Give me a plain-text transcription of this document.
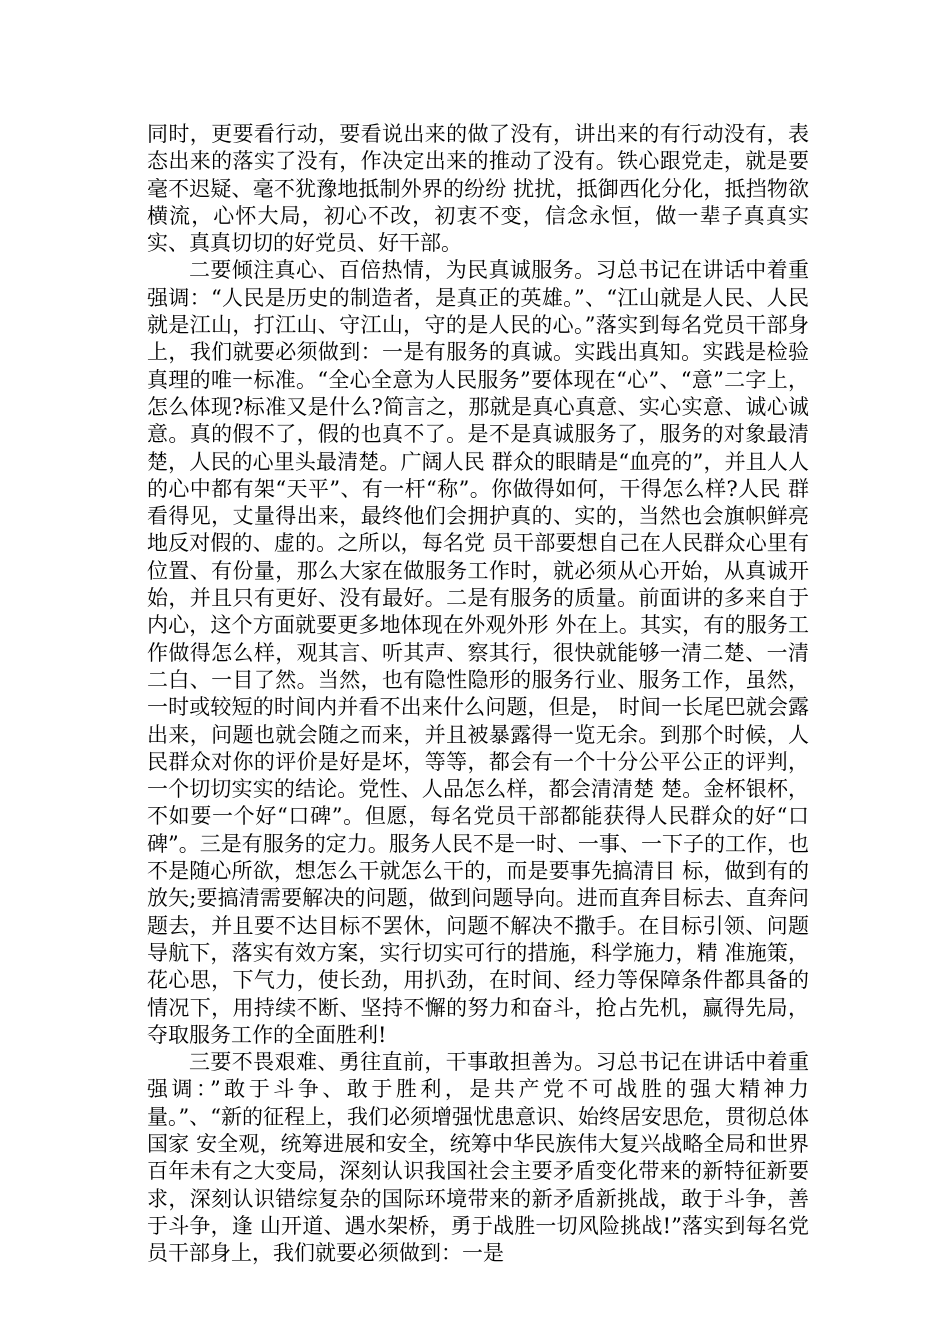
同时，更要看行动，要看说出来的做了没有，讲出来的有行动没有，表态出来的落实了没有，作决定出来的推动了没有。铁心跟党走，就是要毫不迟疑、毫不犹豫地抵制外界的纷纷 扰扰，抵御西化分化，抵挡物欲横流，心怀大局，初心不改，初衷不变，信念永恒，做一辈子真真实实、真真切切的好党员、好干部。

二要倾注真心、百倍热情，为民真诚服务。习总书记在讲话中着重强调：“人民是历史的制造者，是真正的英雄。”、“江山就是人民、人民就是江山，打江山、守江山，守的是人民的心。”落实到每名党员干部身 上，我们就要必须做到：一是有服务的真诚。实践出真知。实践是检验真理的唯一标准。“全心全意为人民服务”要体现在“心”、“意”二字上，怎么体现?标准又是什么?简言之，那就是真心真意、实心实意、诚心诚意。真的假不了，假的也真不了。是不是真诚服务了，服务的对象最清楚，人民的心里头最清楚。广阔人民 群众的眼睛是“血亮的”，并且人人的心中都有架“天平”、有一杆“称”。你做得如何，干得怎么样?人民 群看得见，丈量得出来，最终他们会拥护真的、实的，当然也会旗帜鲜亮地反对假的、虚的。之所以，每名党 员干部要想自己在人民群众心里有位置、有份量，那么大家在做服务工作时，就必须从心开始，从真诚开始，并且只有更好、没有最好。二是有服务的质量。前面讲的多来自于内心，这个方面就要更多地体现在外观外形 外在上。其实，有的服务工作做得怎么样，观其言、听其声、察其行，很快就能够一清二楚、一清二白、一目了然。当然，也有隐性隐形的服务行业、服务工作，虽然，一时或较短的时间内并看不出来什么问题，但是， 时间一长尾巴就会露出来，问题也就会随之而来，并且被暴露得一览无余。到那个时候，人民群众对你的评价是好是坏，等等，都会有一个十分公平公正的评判，一个切切实实的结论。党性、人品怎么样，都会清清楚 楚。金杯银杯，不如要一个好“口碑”。但愿，每名党员干部都能获得人民群众的好“口碑”。三是有服务的定力。服务人民不是一时、一事、一下子的工作，也不是随心所欲，想怎么干就怎么干的，而是要事先搞清目 标，做到有的放矢;要搞清需要解决的问题，做到问题导向。进而直奔目标去、直奔问题去，并且要不达目标不罢休，问题不解决不撒手。在目标引领、问题导航下，落实有效方案，实行切实可行的措施，科学施力，精 准施策，花心思，下气力，使长劲，用扒劲，在时间、经力等保障条件都具备的情况下，用持续不断、坚持不懈的努力和奋斗，抢占先机，赢得先局，夺取服务工作的全面胜利!

三要不畏艰难、勇往直前，干事敢担善为。习总书记在讲话中着重强调：”敢于斗争、敢于胜利，是共产党不可战胜的强大精神力量。”、“新的征程上，我们必须增强忧患意识、始终居安思危，贯彻总体国家 安全观，统筹进展和安全，统筹中华民族伟大复兴战略全局和世界百年未有之大变局，深刻认识我国社会主要矛盾变化带来的新特征新要求，深刻认识错综复杂的国际环境带来的新矛盾新挑战，敢于斗争，善于斗争，逢 山开道、遇水架桥，勇于战胜一切风险挑战!”落实到每名党员干部身上，我们就要必须做到：一是
